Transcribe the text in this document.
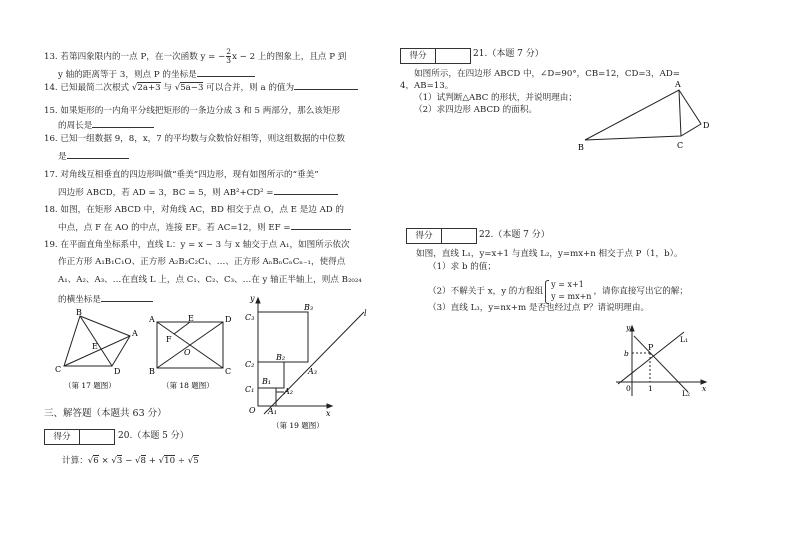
13. 若第四象限内的一点 P，在一次函数 y = − $\frac{2}{3}$ x − 2 上的图象上，且点 P 到
y 轴的距离等于 3，则点 P 的坐标是
14. 已知最简二次根式 √2a+3 与 √5a−3 可以合并，则 a 的值为
15. 如果矩形的一内角平分线把矩形的一条边分成 3 和 5 两部分，那么该矩形
的周长是
16. 已知一组数据 9，8，x，7 的平均数与众数恰好相等，则这组数据的中位数
是
17. 对角线互相垂直的四边形叫做“垂美”四边形，现有如图所示的“垂美”
四边形 ABCD，若 AD = 3，BC = 5，则 AB²+CD² =
18. 如图，在矩形 ABCD 中，对角线 AC，BD 相交于点 O，点 E 是边 AD 的
中点，点 F 在 AO 的中点，连接 EF。若 AC=12，则 EF =
19. 在平面直角坐标系中，直线 L：y = x − 3 与 x 轴交于点 A₁，如图所示依次
作正方形 A₁B₁C₁O、正方形 A₂B₂C₂C₁、…、正方形 AₙBₙCₙCₙ₋₁，使得点
A₁、A₂、A₃、…在直线 L 上，点 C₁、C₂、C₃、…在 y 轴正半轴上，则点 B₂₀₂₄
的横坐标是
B
A
C	D
E
（第 17 题图）
A	D
B	C
E
F
O
（第 18 题图）
y
x
l
O
C₁
C₂
C₃
B₁
B₂
B₃
A₁
A₂
A₃
（第 19 题图）
三、解答题（本题共 63 分）
得分	20.（本题 5 分）
计算：√6 × √3 − √8 + √10 ÷ √5
得分	21.（本题 7 分）
如图所示，在四边形 ABCD 中，∠D=90°，CB=12，CD=3，AD=
4，AB=13。
（1）试判断△ABC 的形状，并说明理由；
（2）求四边形 ABCD 的面积。
B
A
C
D
得分	22.（本题 7 分）
如图，直线 L₁，y=x+1 与直线 L₂，y=mx+n 相交于点 P（1，b）。
（1）求 b 的值；
（2）不解关于 x，y 的方程组
y = x+1
y = mx+n ，请你直接写出它的解；
（3）直线 L₃，y=nx+m 是否也经过点 P？请说明理由。
y
x
0 1
b
P
L₁
L₂
